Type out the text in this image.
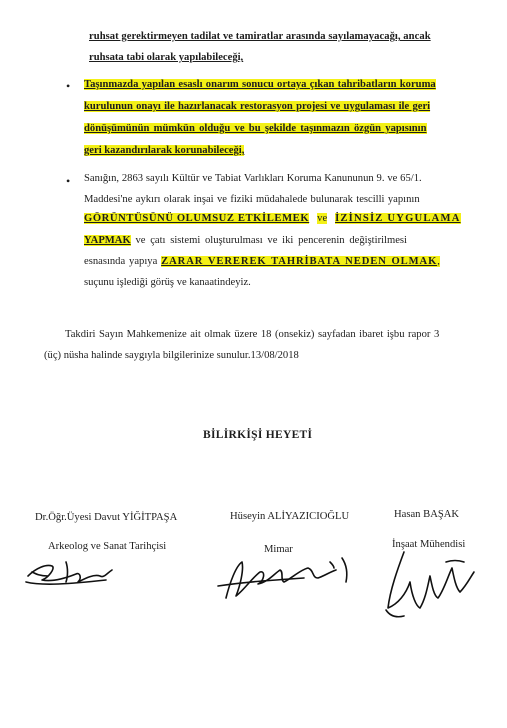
ruhsat gerektirmeyen tadilat ve tamiratlar arasında sayılamayacağı, ancak
ruhsata tabi olarak yapılabileceği,
• Taşınmazda yapılan esaslı onarım sonucu ortaya çıkan tahribatların koruma
kurulunun onayı ile hazırlanacak restorasyon projesi ve uygulaması ile geri
dönüşümünün mümkün olduğu ve bu şekilde taşınmazın özgün yapısının
geri kazandırılarak korunabileceği,
• Sanığın, 2863 sayılı Kültür ve Tabiat Varlıkları Koruma Kanununun 9. ve 65/1.
Maddesi'ne aykırı olarak inşai ve fiziki müdahalede bulunarak tescilli yapının
GÖRÜNTÜSÜNÜ OLUMSUZ ETKİLEMEK ve İZİNSİZ UYGULAMA
YAPMAK ve çatı sistemi oluşturulması ve iki pencerenin değiştirilmesi
esnasında yapıya ZARAR VEREREK TAHRİBATA NEDEN OLMAK,
suçunu işlediği görüş ve kanaatindeyiz.
Takdiri Sayın Mahkemenize ait olmak üzere 18 (onsekiz) sayfadan ibaret işbu rapor 3
(üç) nüsha halinde saygıyla bilgilerinize sunulur.13/08/2018
BİLİRKİŞİ HEYETİ
Dr.Öğr.Üyesi Davut YİĞİTPAŞA	Hüseyin ALİYAZICIOĞLU	Hasan BAŞAK
Arkeolog ve Sanat Tarihçisi	Mimar	İnşaat Mühendisi
